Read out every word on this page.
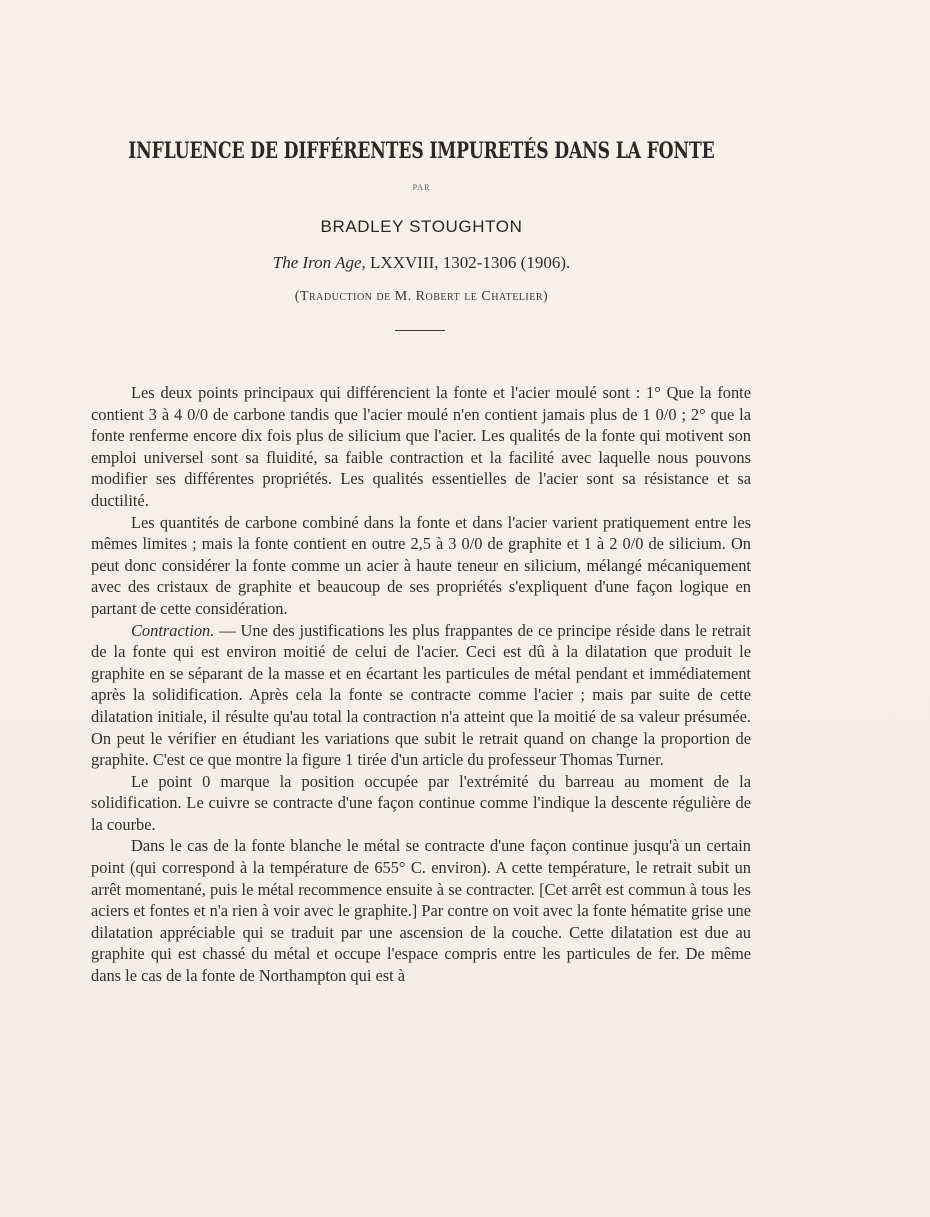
INFLUENCE DE DIFFÉRENTES IMPURETÉS DANS LA FONTE
PAR
BRADLEY STOUGHTON
The Iron Age, LXXVIII, 1302-1306 (1906).
(Traduction de M. Robert le Chatelier)

Les deux points principaux qui différencient la fonte et l'acier moulé sont : 1° Que la fonte contient 3 à 4 0/0 de carbone tandis que l'acier moulé n'en contient jamais plus de 1 0/0 ; 2° que la fonte renferme encore dix fois plus de silicium que l'acier. Les qualités de la fonte qui motivent son emploi universel sont sa fluidité, sa faible contraction et la facilité avec laquelle nous pouvons modifier ses différentes propriétés. Les qualités essentielles de l'acier sont sa résistance et sa ductilité.

Les quantités de carbone combiné dans la fonte et dans l'acier varient pratiquement entre les mêmes limites ; mais la fonte contient en outre 2,5 à 3 0/0 de graphite et 1 à 2 0/0 de silicium. On peut donc considérer la fonte comme un acier à haute teneur en silicium, mélangé mécaniquement avec des cristaux de graphite et beaucoup de ses propriétés s'expliquent d'une façon logique en partant de cette considération.

Contraction. — Une des justifications les plus frappantes de ce principe réside dans le retrait de la fonte qui est environ moitié de celui de l'acier. Ceci est dû à la dilatation que produit le graphite en se séparant de la masse et en écartant les particules de métal pendant et immédiatement après la solidification. Après cela la fonte se contracte comme l'acier ; mais par suite de cette dilatation initiale, il résulte qu'au total la contraction n'a atteint que la moitié de sa valeur présumée. On peut le vérifier en étudiant les variations que subit le retrait quand on change la proportion de graphite. C'est ce que montre la figure 1 tirée d'un article du professeur Thomas Turner.

Le point 0 marque la position occupée par l'extrémité du barreau au moment de la solidification. Le cuivre se contracte d'une façon continue comme l'indique la descente régulière de la courbe.

Dans le cas de la fonte blanche le métal se contracte d'une façon continue jusqu'à un certain point (qui correspond à la température de 655° C. environ). A cette température, le retrait subit un arrêt momentané, puis le métal recommence ensuite à se contracter. [Cet arrêt est commun à tous les aciers et fontes et n'a rien à voir avec le graphite.] Par contre on voit avec la fonte hématite grise une dilatation appréciable qui se traduit par une ascension de la couche. Cette dilatation est due au graphite qui est chassé du métal et occupe l'espace compris entre les particules de fer. De même dans le cas de la fonte de Northampton qui est à
